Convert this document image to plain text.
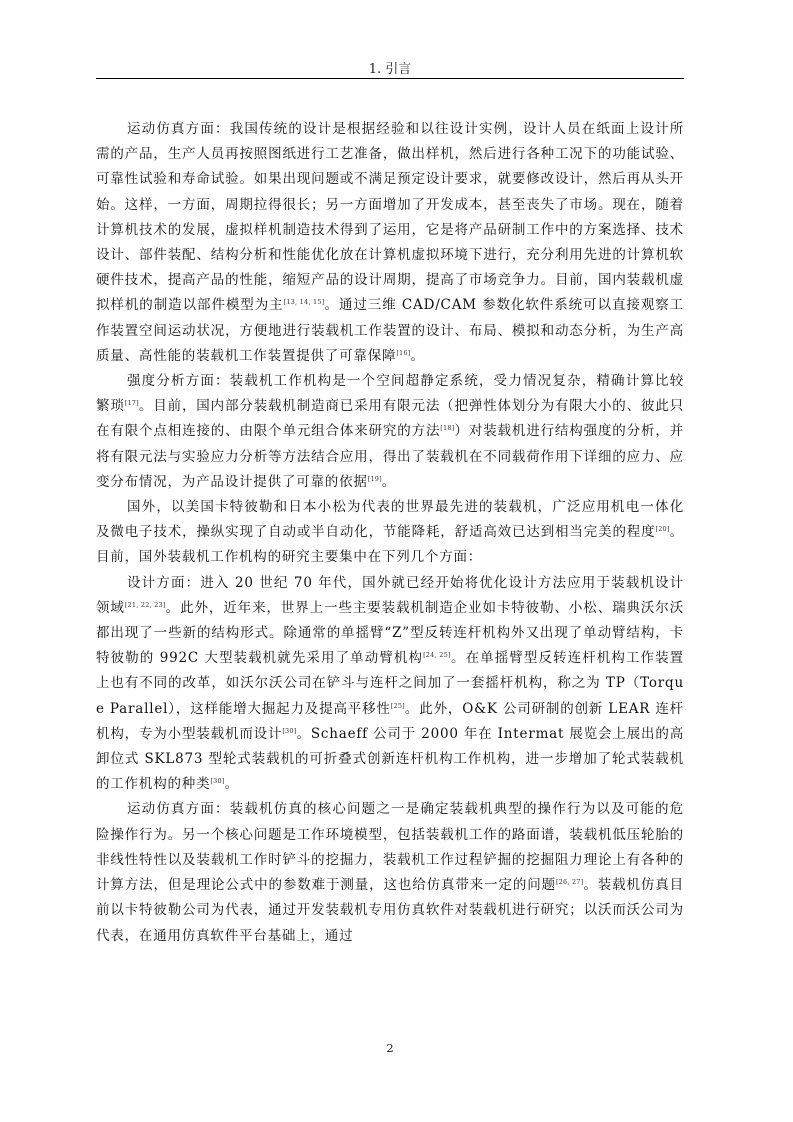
1. 引言

运动仿真方面：我国传统的设计是根据经验和以往设计实例，设计人员在纸面上设计所需的产品，生产人员再按照图纸进行工艺准备，做出样机，然后进行各种工况下的功能试验、可靠性试验和寿命试验。如果出现问题或不满足预定设计要求，就要修改设计，然后再从头开始。这样，一方面，周期拉得很长；另一方面增加了开发成本，甚至丧失了市场。现在，随着计算机技术的发展，虚拟样机制造技术得到了运用，它是将产品研制工作中的方案选择、技术设计、部件装配、结构分析和性能优化放在计算机虚拟环境下进行，充分利用先进的计算机软硬件技术，提高产品的性能，缩短产品的设计周期，提高了市场竞争力。目前，国内装载机虚拟样机的制造以部件模型为主[13, 14, 15]。通过三维 CAD/CAM 参数化软件系统可以直接观察工作装置空间运动状况，方便地进行装载机工作装置的设计、布局、模拟和动态分析，为生产高质量、高性能的装载机工作装置提供了可靠保障[16]。

强度分析方面：装载机工作机构是一个空间超静定系统，受力情况复杂，精确计算比较繁琐[17]。目前，国内部分装载机制造商已采用有限元法（把弹性体划分为有限大小的、彼此只在有限个点相连接的、由限个单元组合体来研究的方法[18]）对装载机进行结构强度的分析，并将有限元法与实验应力分析等方法结合应用，得出了装载机在不同载荷作用下详细的应力、应变分布情况，为产品设计提供了可靠的依据[19]。

国外，以美国卡特彼勒和日本小松为代表的世界最先进的装载机，广泛应用机电一体化及微电子技术，操纵实现了自动或半自动化，节能降耗，舒适高效已达到相当完美的程度[20]。目前，国外装载机工作机构的研究主要集中在下列几个方面：

设计方面：进入 20 世纪 70 年代，国外就已经开始将优化设计方法应用于装载机设计领域[21, 22, 23]。此外，近年来，世界上一些主要装载机制造企业如卡特彼勒、小松、瑞典沃尔沃都出现了一些新的结构形式。除通常的单摇臂“Z”型反转连杆机构外又出现了单动臂结构，卡特彼勒的 992C 大型装载机就先采用了单动臂机构[24, 25]。在单摇臂型反转连杆机构工作装置上也有不同的改革，如沃尔沃公司在铲斗与连杆之间加了一套摇杆机构，称之为 TP（Torque Parallel），这样能增大掘起力及提高平移性[25]。此外，O&K 公司研制的创新 LEAR 连杆机构，专为小型装载机而设计[30]。Schaeff 公司于 2000 年在 Intermat 展览会上展出的高卸位式 SKL873 型轮式装载机的可折叠式创新连杆机构工作机构，进一步增加了轮式装载机的工作机构的种类[30]。

运动仿真方面：装载机仿真的核心问题之一是确定装载机典型的操作行为以及可能的危险操作行为。另一个核心问题是工作环境模型，包括装载机工作的路面谱，装载机低压轮胎的非线性特性以及装载机工作时铲斗的挖掘力，装载机工作过程铲掘的挖掘阻力理论上有各种的计算方法，但是理论公式中的参数难于测量，这也给仿真带来一定的问题[26, 27]。装载机仿真目前以卡特彼勒公司为代表，通过开发装载机专用仿真软件对装载机进行研究；以沃而沃公司为代表，在通用仿真软件平台基础上，通过

2
